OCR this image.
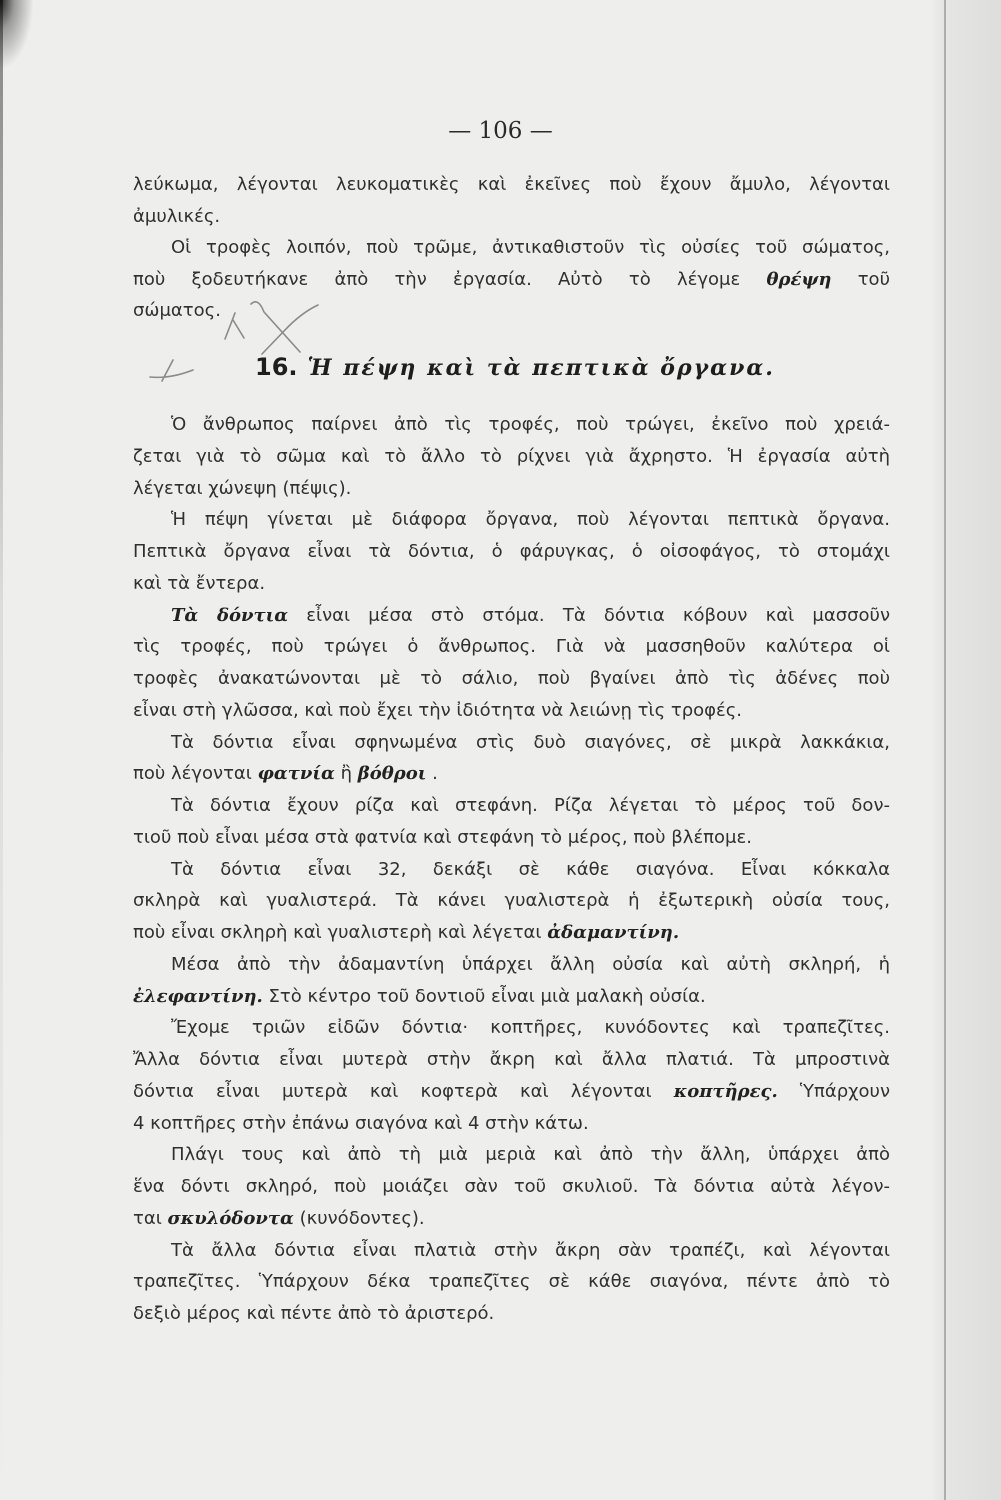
— 106 —
λεύκωμα, λέγονται λευκοματικὲς καὶ ἐκεῖνες ποὺ ἔχουν ἄμυλο, λέγονται
ἀμυλικές.
Οἱ τροφὲς λοιπόν, ποὺ τρῶμε, ἀντικαθιστοῦν τὶς οὐσίες τοῦ σώματος,
ποὺ ξοδευτήκανε ἀπὸ τὴν ἐργασία. Αὐτὸ τὸ λέγομε θρέψη τοῦ
σώματος.
16. Ἡ πέψη καὶ τὰ πεπτικὰ ὄργανα.
Ὁ ἄνθρωπος παίρνει ἀπὸ τὶς τροφές, ποὺ τρώγει, ἐκεῖνο ποὺ χρειά-
ζεται γιὰ τὸ σῶμα καὶ τὸ ἄλλο τὸ ρίχνει γιὰ ἄχρηστο. Ἡ ἐργασία αὐτὴ
λέγεται χώνεψη (πέψις).
Ἡ πέψη γίνεται μὲ διάφορα ὄργανα, ποὺ λέγονται πεπτικὰ ὄργανα.
Πεπτικὰ ὄργανα εἶναι τὰ δόντια, ὁ φάρυγκας, ὁ οἰσοφάγος, τὸ στομάχι
καὶ τὰ ἔντερα.
Τὰ δόντια εἶναι μέσα στὸ στόμα. Τὰ δόντια κόβουν καὶ μασσοῦν
τὶς τροφές, ποὺ τρώγει ὁ ἄνθρωπος. Γιὰ νὰ μασσηθοῦν καλύτερα οἱ
τροφὲς ἀνακατώνονται μὲ τὸ σάλιο, ποὺ βγαίνει ἀπὸ τὶς ἀδένες ποὺ
εἶναι στὴ γλῶσσα, καὶ ποὺ ἔχει τὴν ἰδιότητα νὰ λειώνῃ τὶς τροφές.
Τὰ δόντια εἶναι σφηνωμένα στὶς δυὸ σιαγόνες, σὲ μικρὰ λακκάκια,
ποὺ λέγονται φατνία ἢ βόθροι .
Τὰ δόντια ἔχουν ρίζα καὶ στεφάνη. Ρίζα λέγεται τὸ μέρος τοῦ δον-
τιοῦ ποὺ εἶναι μέσα στὰ φατνία καὶ στεφάνη τὸ μέρος, ποὺ βλέπομε.
Τὰ δόντια εἶναι 32, δεκάξι σὲ κάθε σιαγόνα. Εἶναι κόκκαλα
σκληρὰ καὶ γυαλιστερά. Τὰ κάνει γυαλιστερὰ ἡ ἐξωτερικὴ οὐσία τους,
ποὺ εἶναι σκληρὴ καὶ γυαλιστερὴ καὶ λέγεται ἀδαμαντίνη.
Μέσα ἀπὸ τὴν ἀδαμαντίνη ὑπάρχει ἄλλη οὐσία καὶ αὐτὴ σκληρή, ἡ
ἐλεφαντίνη. Στὸ κέντρο τοῦ δοντιοῦ εἶναι μιὰ μαλακὴ οὐσία.
Ἔχομε τριῶν εἰδῶν δόντια· κοπτῆρες, κυνόδοντες καὶ τραπεζῖτες.
Ἄλλα δόντια εἶναι μυτερὰ στὴν ἄκρη καὶ ἄλλα πλατιά. Τὰ μπροστινὰ
δόντια εἶναι μυτερὰ καὶ κοφτερὰ καὶ λέγονται κοπτῆρες. Ὑπάρχουν
4 κοπτῆρες στὴν ἐπάνω σιαγόνα καὶ 4 στὴν κάτω.
Πλάγι τους καὶ ἀπὸ τὴ μιὰ μεριὰ καὶ ἀπὸ τὴν ἄλλη, ὑπάρχει ἀπὸ
ἕνα δόντι σκληρό, ποὺ μοιάζει σὰν τοῦ σκυλιοῦ. Τὰ δόντια αὐτὰ λέγον-
ται σκυλόδοντα (κυνόδοντες).
Τὰ ἄλλα δόντια εἶναι πλατιὰ στὴν ἄκρη σὰν τραπέζι, καὶ λέγονται
τραπεζῖτες. Ὑπάρχουν δέκα τραπεζῖτες σὲ κάθε σιαγόνα, πέντε ἀπὸ τὸ
δεξιὸ μέρος καὶ πέντε ἀπὸ τὸ ἀριστερό.
